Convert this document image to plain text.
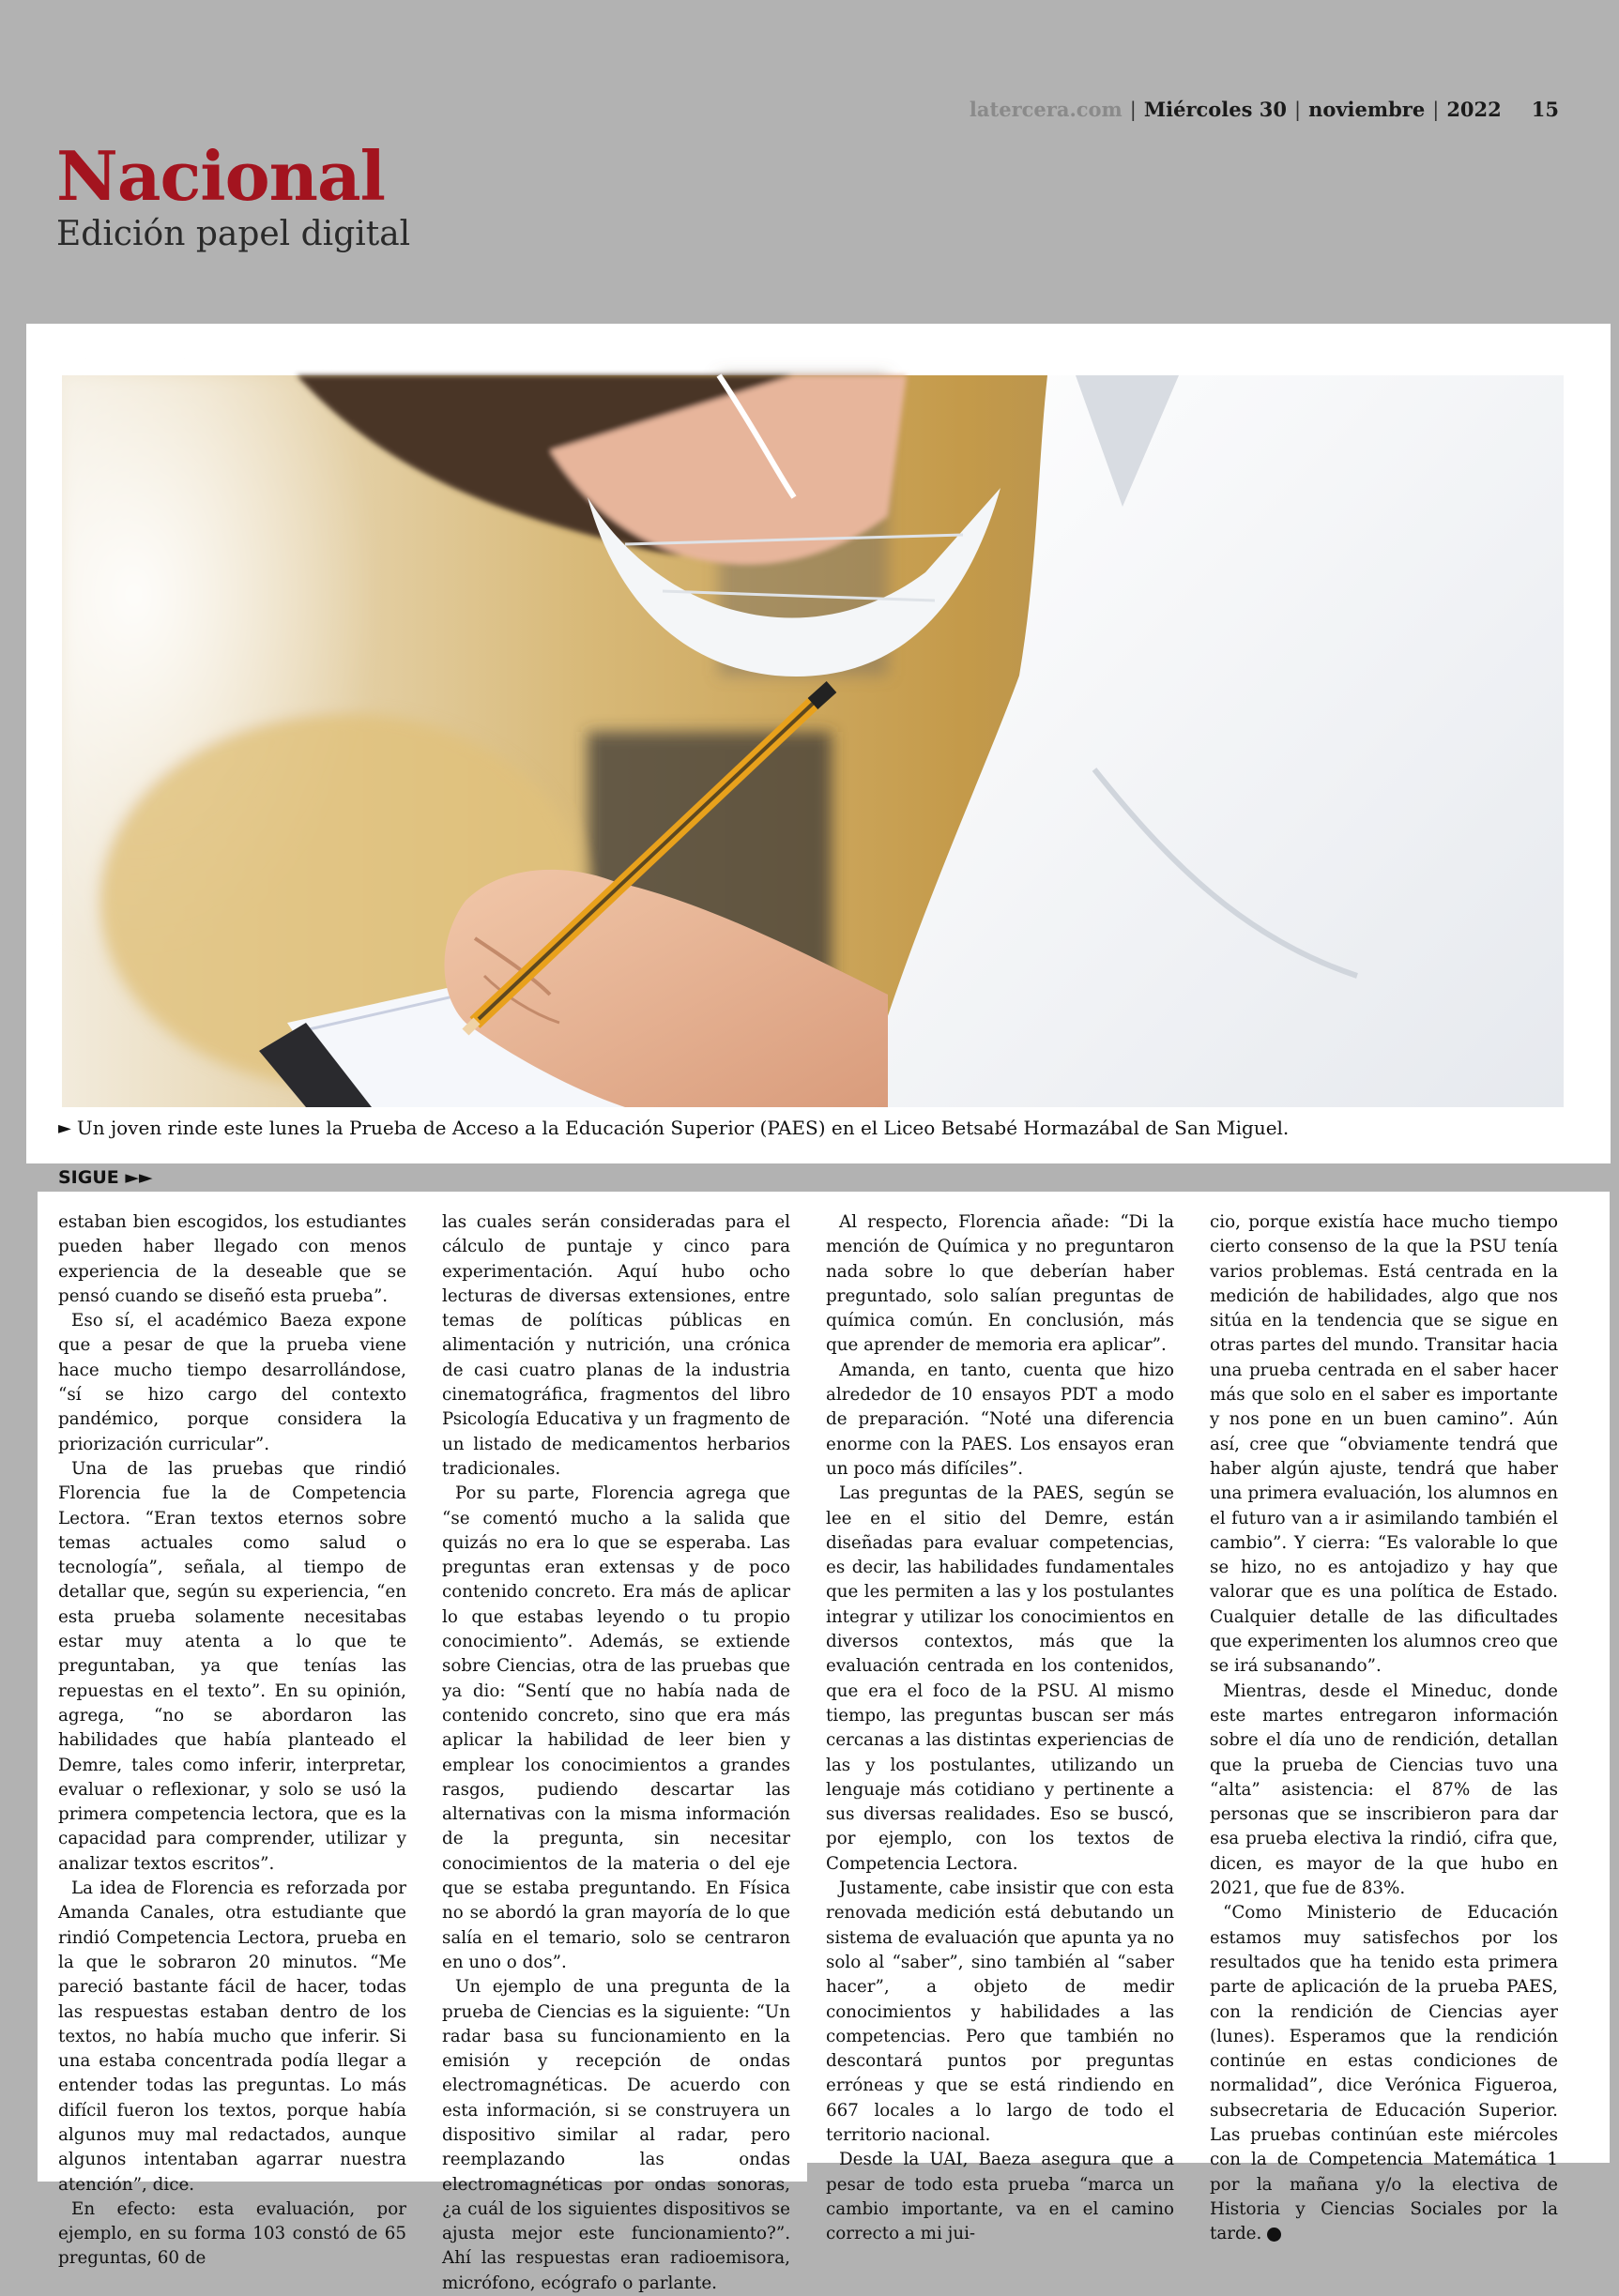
latercera.com | Miércoles 30 | noviembre | 2022 15
Nacional
Edición papel digital
► Un joven rinde este lunes la Prueba de Acceso a la Educación Superior (PAES) en el Liceo Betsabé Hormazábal de San Miguel.
SIGUE ►►

estaban bien escogidos, los estudiantes pueden haber llegado con menos experiencia de la deseable que se pensó cuando se diseñó esta prueba”.

Eso sí, el académico Baeza expone que a pesar de que la prueba viene hace mucho tiempo desarrollándose, “sí se hizo cargo del contexto pandémico, porque considera la priorización curricular”.

Una de las pruebas que rindió Florencia fue la de Competencia Lectora. “Eran textos eternos sobre temas actuales como salud o tecnología”, señala, al tiempo de detallar que, según su experiencia, “en esta prueba solamente necesitabas estar muy atenta a lo que te preguntaban, ya que tenías las repuestas en el texto”. En su opinión, agrega, “no se abordaron las habilidades que había planteado el Demre, tales como inferir, interpretar, evaluar o reflexionar, y solo se usó la primera competencia lectora, que es la capacidad para comprender, utilizar y analizar textos escritos”.

La idea de Florencia es reforzada por Amanda Canales, otra estudiante que rindió Competencia Lectora, prueba en la que le sobraron 20 minutos. “Me pareció bastante fácil de hacer, todas las respuestas estaban dentro de los textos, no había mucho que inferir. Si una estaba concentrada podía llegar a entender todas las preguntas. Lo más difícil fueron los textos, porque había algunos muy mal redactados, aunque algunos intentaban agarrar nuestra atención”, dice.

En efecto: esta evaluación, por ejemplo, en su forma 103 constó de 65 preguntas, 60 de

las cuales serán consideradas para el cálculo de puntaje y cinco para experimentación. Aquí hubo ocho lecturas de diversas extensiones, entre temas de políticas públicas en alimentación y nutrición, una crónica de casi cuatro planas de la industria cinematográfica, fragmentos del libro Psicología Educativa y un fragmento de un listado de medicamentos herbarios tradicionales.

Por su parte, Florencia agrega que “se comentó mucho a la salida que quizás no era lo que se esperaba. Las preguntas eran extensas y de poco contenido concreto. Era más de aplicar lo que estabas leyendo o tu propio conocimiento”. Además, se extiende sobre Ciencias, otra de las pruebas que ya dio: “Sentí que no había nada de contenido concreto, sino que era más aplicar la habilidad de leer bien y emplear los conocimientos a grandes rasgos, pudiendo descartar las alternativas con la misma información de la pregunta, sin necesitar conocimientos de la materia o del eje que se estaba preguntando. En Física no se abordó la gran mayoría de lo que salía en el temario, solo se centraron en uno o dos”.

Un ejemplo de una pregunta de la prueba de Ciencias es la siguiente: “Un radar basa su funcionamiento en la emisión y recepción de ondas electromagnéticas. De acuerdo con esta información, si se construyera un dispositivo similar al radar, pero reemplazando las ondas electromagnéticas por ondas sonoras, ¿a cuál de los siguientes dispositivos se ajusta mejor este funcionamiento?”. Ahí las respuestas eran radioemisora, micrófono, ecógrafo o parlante.

Al respecto, Florencia añade: “Di la mención de Química y no preguntaron nada sobre lo que deberían haber preguntado, solo salían preguntas de química común. En conclusión, más que aprender de memoria era aplicar”.

Amanda, en tanto, cuenta que hizo alrededor de 10 ensayos PDT a modo de preparación. “Noté una diferencia enorme con la PAES. Los ensayos eran un poco más difíciles”.

Las preguntas de la PAES, según se lee en el sitio del Demre, están diseñadas para evaluar competencias, es decir, las habilidades fundamentales que les permiten a las y los postulantes integrar y utilizar los conocimientos en diversos contextos, más que la evaluación centrada en los contenidos, que era el foco de la PSU. Al mismo tiempo, las preguntas buscan ser más cercanas a las distintas experiencias de las y los postulantes, utilizando un lenguaje más cotidiano y pertinente a sus diversas realidades. Eso se buscó, por ejemplo, con los textos de Competencia Lectora.

Justamente, cabe insistir que con esta renovada medición está debutando un sistema de evaluación que apunta ya no solo al “saber”, sino también al “saber hacer”, a objeto de medir conocimientos y habilidades a las competencias. Pero que también no descontará puntos por preguntas erróneas y que se está rindiendo en 667 locales a lo largo de todo el territorio nacional.

Desde la UAI, Baeza asegura que a pesar de todo esta prueba “marca un cambio importante, va en el camino correcto a mi jui-

cio, porque existía hace mucho tiempo cierto consenso de la que la PSU tenía varios problemas. Está centrada en la medición de habilidades, algo que nos sitúa en la tendencia que se sigue en otras partes del mundo. Transitar hacia una prueba centrada en el saber hacer más que solo en el saber es importante y nos pone en un buen camino”. Aún así, cree que “obviamente tendrá que haber algún ajuste, tendrá que haber una primera evaluación, los alumnos en el futuro van a ir asimilando también el cambio”. Y cierra: “Es valorable lo que se hizo, no es antojadizo y hay que valorar que es una política de Estado. Cualquier detalle de las dificultades que experimenten los alumnos creo que se irá subsanando”.

Mientras, desde el Mineduc, donde este martes entregaron información sobre el día uno de rendición, detallan que la prueba de Ciencias tuvo una “alta” asistencia: el 87% de las personas que se inscribieron para dar esa prueba electiva la rindió, cifra que, dicen, es mayor de la que hubo en 2021, que fue de 83%.

“Como Ministerio de Educación estamos muy satisfechos por los resultados que ha tenido esta primera parte de aplicación de la prueba PAES, con la rendición de Ciencias ayer (lunes). Esperamos que la rendición continúe en estas condiciones de normalidad”, dice Verónica Figueroa, subsecretaria de Educación Superior. Las pruebas continúan este miércoles con la de Competencia Matemática 1 por la mañana y/o la electiva de Historia y Ciencias Sociales por la tarde.
